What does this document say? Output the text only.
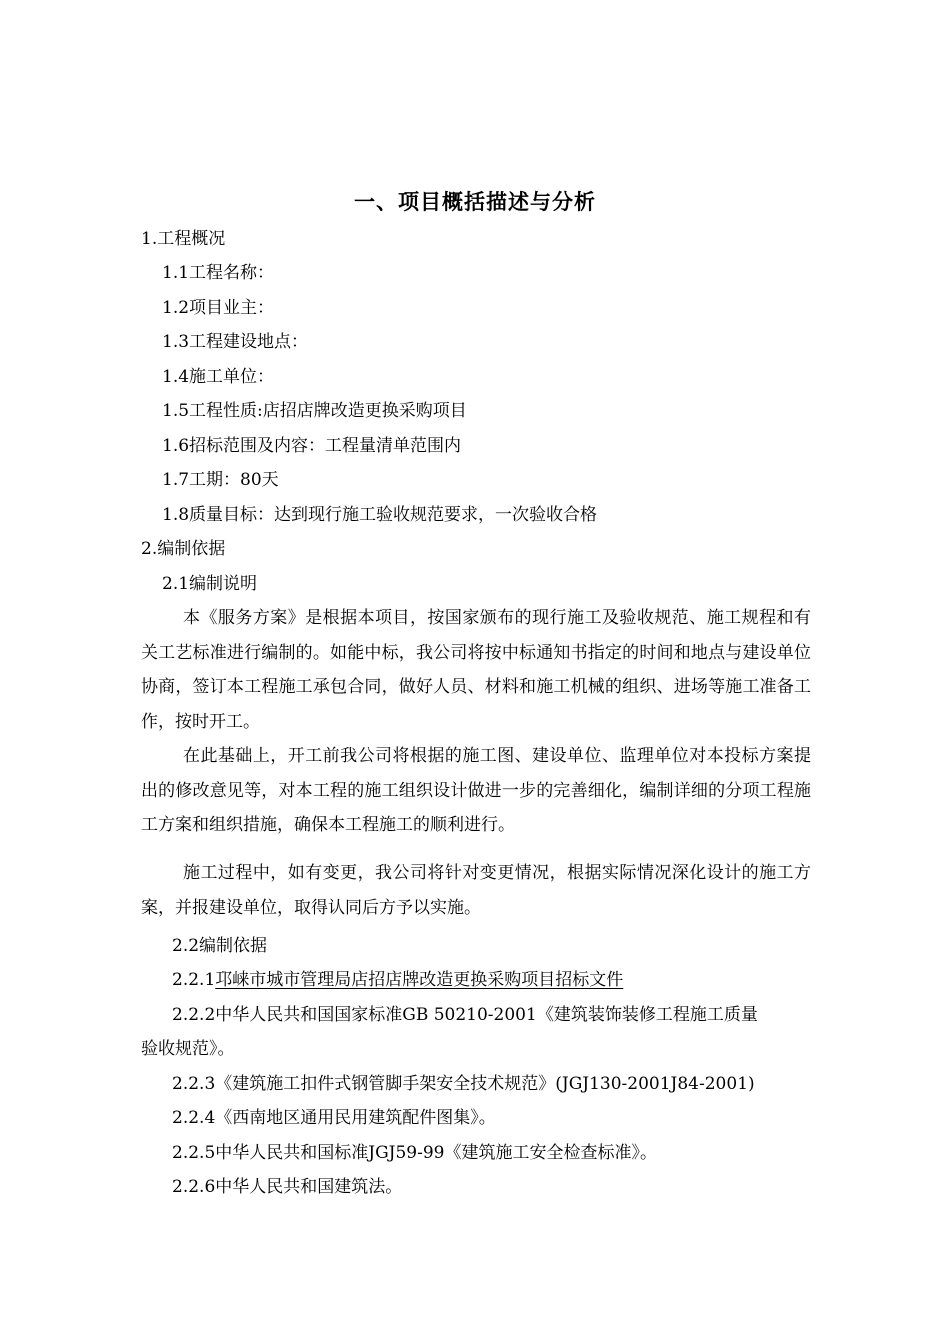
一、项目概括描述与分析
1.工程概况
1.1工程名称：
1.2项目业主：
1.3工程建设地点：
1.4施工单位：
1.5工程性质:店招店牌改造更换采购项目
1.6招标范围及内容：工程量清单范围内
1.7工期：80天
1.8质量目标：达到现行施工验收规范要求，一次验收合格
2.编制依据
2.1编制说明
本《服务方案》是根据本项目，按国家颁布的现行施工及验收规范、施工规程和有关工艺标准进行编制的。如能中标，我公司将按中标通知书指定的时间和地点与建设单位协商，签订本工程施工承包合同，做好人员、材料和施工机械的组织、进场等施工准备工作，按时开工。
在此基础上，开工前我公司将根据的施工图、建设单位、监理单位对本投标方案提出的修改意见等，对本工程的施工组织设计做进一步的完善细化，编制详细的分项工程施工方案和组织措施，确保本工程施工的顺利进行。
施工过程中，如有变更，我公司将针对变更情况，根据实际情况深化设计的施工方案，并报建设单位，取得认同后方予以实施。
2.2编制依据
2.2.1邛崃市城市管理局店招店牌改造更换采购项目招标文件
2.2.2中华人民共和国国家标准GB 50210-2001《建筑装饰装修工程施工质量
验收规范》。
2.2.3《建筑施工扣件式钢管脚手架安全技术规范》(JGJ130-2001J84-2001)
2.2.4《西南地区通用民用建筑配件图集》。
2.2.5中华人民共和国标准JGJ59-99《建筑施工安全检查标准》。
2.2.6中华人民共和国建筑法。
